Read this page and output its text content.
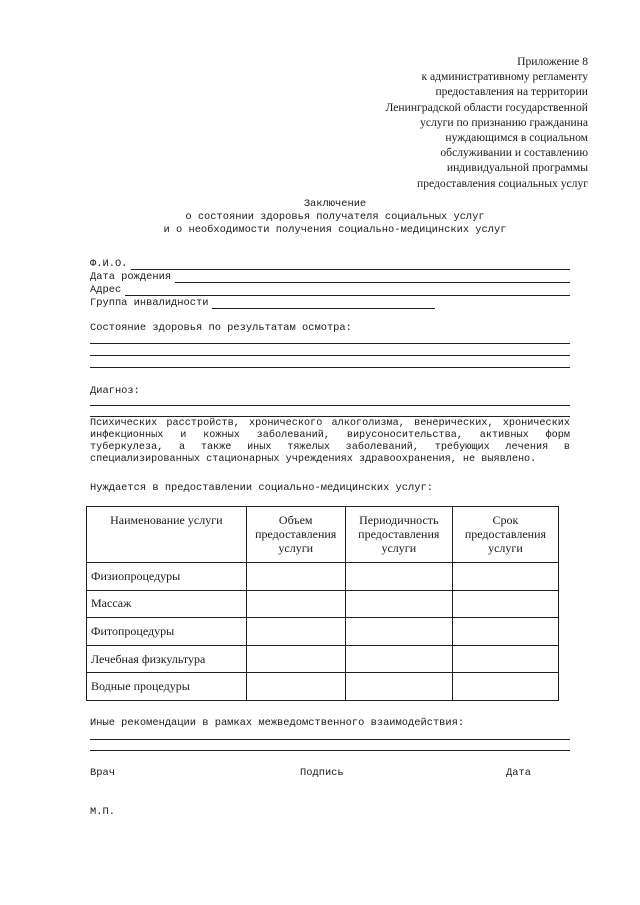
Приложение 8
к административному регламенту
предоставления на территории
Ленинградской области государственной
услуги по признанию гражданина
нуждающимся в социальном
обслуживании и составлению
индивидуальной программы
предоставления социальных услуг
Заключение
о состоянии здоровья получателя социальных услуг
и о необходимости получения социально-медицинских услуг
Ф.И.О.
Дата рождения
Адрес
Группа инвалидности
Состояние здоровья по результатам осмотра:
Диагноз:
Психических расстройств, хронического алкоголизма, венерических, хронических инфекционных и кожных заболеваний, вирусоносительства, активных форм туберкулеза, а также иных тяжелых заболеваний, требующих лечения в специализированных стационарных учреждениях здравоохранения, не выявлено.
Нуждается в предоставлении социально-медицинских услуг:
Наименование услуги	Объем предоставления услуги	Периодичность предоставления услуги	Срок предоставления услуги
Физиопроцедуры			
Массаж			
Фитопроцедуры			
Лечебная физкультура			
Водные процедуры			
Иные рекомендации в рамках межведомственного взаимодействия:
Врач	Подпись	Дата
М.П.
